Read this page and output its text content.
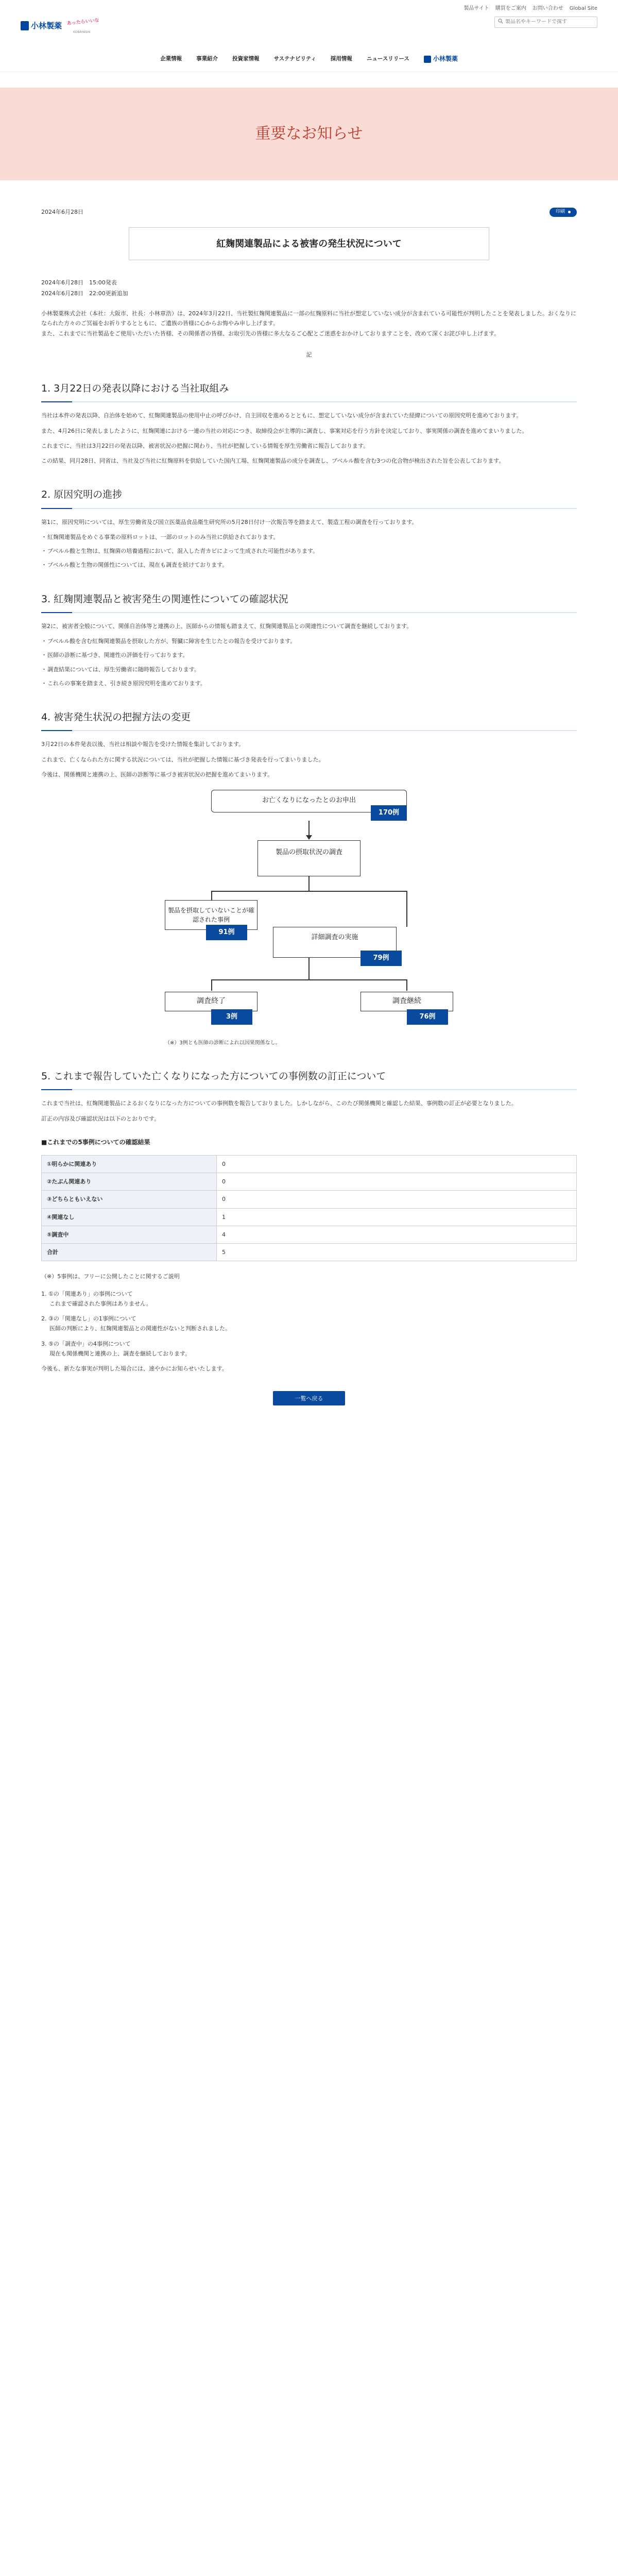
製品サイト 購買をご案内 お問い合わせ Global Site
製品名やキーワードで探す
小林製薬 あったらいいな
KOBAYASHI
企業情報	事業紹介	投資家情報	サステナビリティ	採用情報	ニュースリリース	小林製薬
重要なお知らせ
2024年6月28日	印刷
紅麹関連製品による被害の発生状況について
2024年6月28日　15:00発表
2024年6月28日　22:00更新追加

小林製薬株式会社（本社：大阪市、社長：小林章浩）は、2024年3月22日、当社製紅麹関連製品に一部の紅麹原料に当社が想定していない成分が含まれている可能性が判明したことを発表しました。おくなりになられた方々のご冥福をお祈りするとともに、ご遺族の皆様に心からお悔やみ申し上げます。

また、これまでに当社製品をご使用いただいた皆様、その関係者の皆様、お取引先の皆様に多大なるご心配とご迷惑をおかけしておりますことを、改めて深くお詫び申し上げます。

記
1. 3月22日の発表以降における当社取組み

当社は本件の発表以降、自治体を始めて、紅麹関連製品の使用中止の呼びかけ、自主回収を進めるとともに、想定していない成分が含まれていた経緯についての原因究明を進めております。

また、4月26日に発表しましたように、紅麹関連における一連の当社の対応につき、取締役会が主導的に調査し、事案対応を行う方針を決定しており、事実関係の調査を進めてまいりました。

これまでに、当社は3月22日の発表以降、被害状況の把握に関わり、当社が把握している情報を厚生労働省に報告しております。

この結果、同月28日、同省は、当社及び当社に紅麹原料を供給していた国内工場、紅麹関連製品の成分を調査し、プベルル酸を含む3つの化合物が検出された旨を公表しております。

2. 原因究明の進捗

第1に、原因究明については、厚生労働省及び国立医薬品食品衛生研究所の5月28日付け一次報告等を踏まえて、製造工程の調査を行っております。

・ 紅麹関連製品をめぐる事業の原料ロットは、一部のロットのみ当社に供給されております。
・ プベルル酸と生物は、紅麹菌の培養過程において、混入した青カビによって生成された可能性があります。
・ プベルル酸と生物の関係性については、現在も調査を続けております。
3. 紅麹関連製品と被害発生の関連性についての確認状況

第2に、被害者全般について、関係自治体等と連携の上、医師からの情報も踏まえて、紅麹関連製品との関連性について調査を継続しております。

・ プベルル酸を含む紅麹関連製品を摂取した方が、腎臓に障害を生じたとの報告を受けております。
・ 医師の診断に基づき、関連性の評価を行っております。
・ 調査結果については、厚生労働省に随時報告しております。
・ これらの事案を踏まえ、引き続き原因究明を進めております。
4. 被害発生状況の把握方法の変更

3月22日の本件発表以後、当社は相談や報告を受けた情報を集計しております。

これまで、亡くなられた方に関する状況については、当社が把握した情報に基づき発表を行ってまいりました。

今後は、関係機関と連携の上、医師の診断等に基づき被害状況の把握を進めてまいります。

お亡くなりになったとのお申出
170例
製品の摂取状況の調査
製品を摂取していないことが確認された事例
91例
詳細調査の実施
79例
調査終了
3例
調査継続
76例
（※）3例とも医師の診断によれ以因果関係なし。
5. これまで報告していた亡くなりになった方についての事例数の訂正について

これまで当社は、紅麹関連製品によるおくなりになった方についての事例数を報告しておりました。しかしながら、このたび関係機関と確認した結果、事例数の訂正が必要となりました。

訂正の内容及び確認状況は以下のとおりです。

■これまでの5事例についての確認結果
①明らかに関連あり	0
②たぶん関連あり	0
③どちらともいえない	0
④関連なし	1
⑤調査中	4
合計	5
（※）5事例は、フリーに公開したことに関するご説明
1. ①の「関連あり」の事例について
これまで確認された事例はありません。
2. ③の「関連なし」の1事例について
医師の判断により、紅麹関連製品との関連性がないと判断されました。
3. ⑤の「調査中」の4事例について
現在も関係機関と連携の上、調査を継続しております。

今後も、新たな事実が判明した場合には、速やかにお知らせいたします。

一覧へ戻る
